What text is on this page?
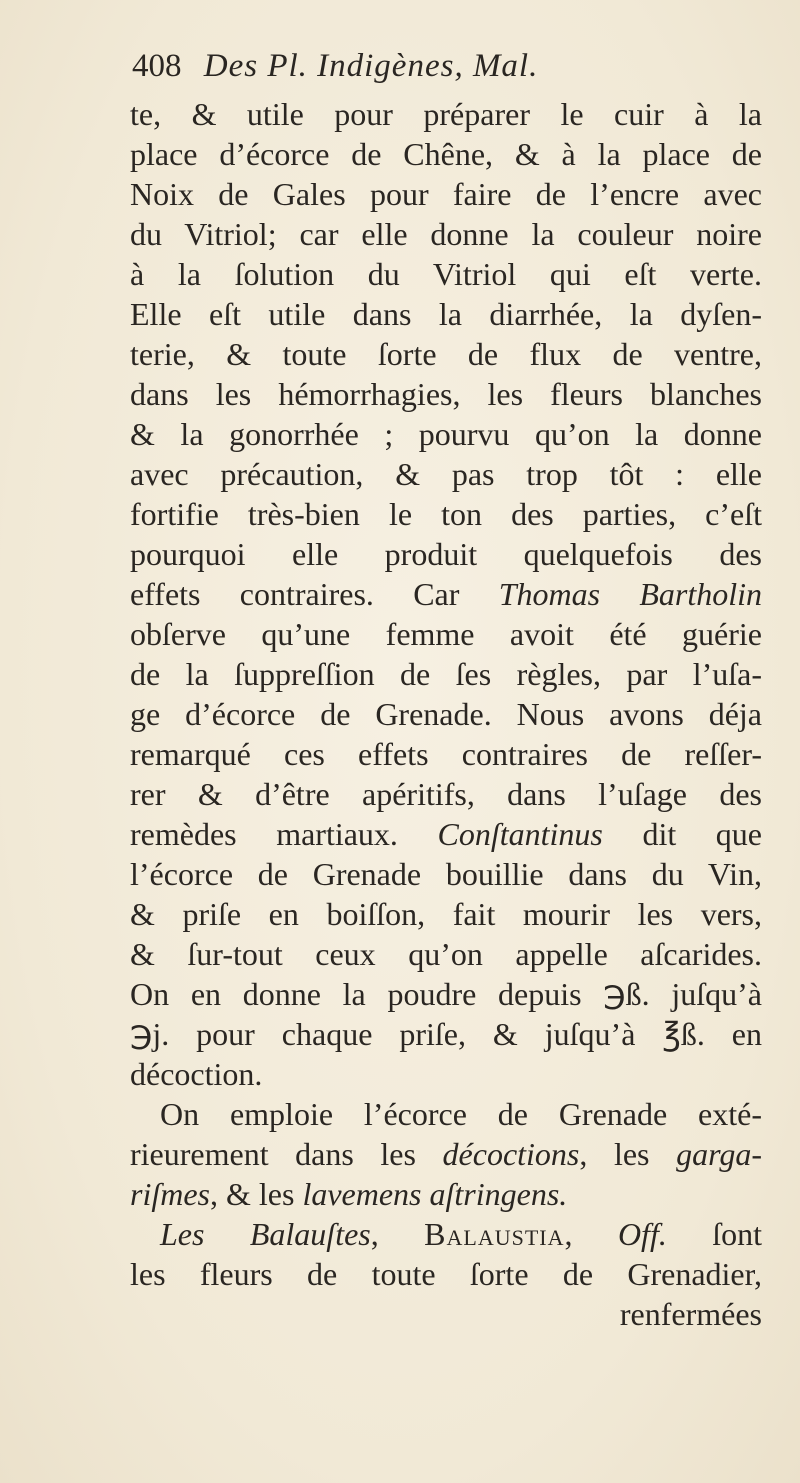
408 Des Pl. Indigènes, Mal.
te, & utile pour préparer le cuir à la
place d’écorce de Chêne, & à la place de
Noix de Gales pour faire de l’encre avec
du Vitriol; car elle donne la couleur noire
à la ſolution du Vitriol qui eſt verte.
Elle eſt utile dans la diarrhée, la dyſen-
terie, & toute ſorte de flux de ventre,
dans les hémorrhagies, les fleurs blanches
& la gonorrhée ; pourvu qu’on la donne
avec précaution, & pas trop tôt : elle
fortifie très-bien le ton des parties, c’eſt
pourquoi elle produit quelquefois des
effets contraires. Car Thomas Bartholin
obſerve qu’une femme avoit été guérie
de la ſuppreſſion de ſes règles, par l’uſa-
ge d’écorce de Grenade. Nous avons déja
remarqué ces effets contraires de reſſer-
rer & d’être apéritifs, dans l’uſage des
remèdes martiaux. Conſtantinus dit que
l’écorce de Grenade bouillie dans du Vin,
& priſe en boiſſon, fait mourir les vers,
& ſur-tout ceux qu’on appelle aſcarides.
On en donne la poudre depuis ℈ß. juſqu’à
℈j. pour chaque priſe, & juſqu’à ℥ß. en
décoction.
On emploie l’écorce de Grenade exté-
rieurement dans les décoctions, les garga-
riſmes, & les lavemens aſtringens.
Les Balauſtes, Balaustia, Off. ſont
les fleurs de toute ſorte de Grenadier,
renfermées
